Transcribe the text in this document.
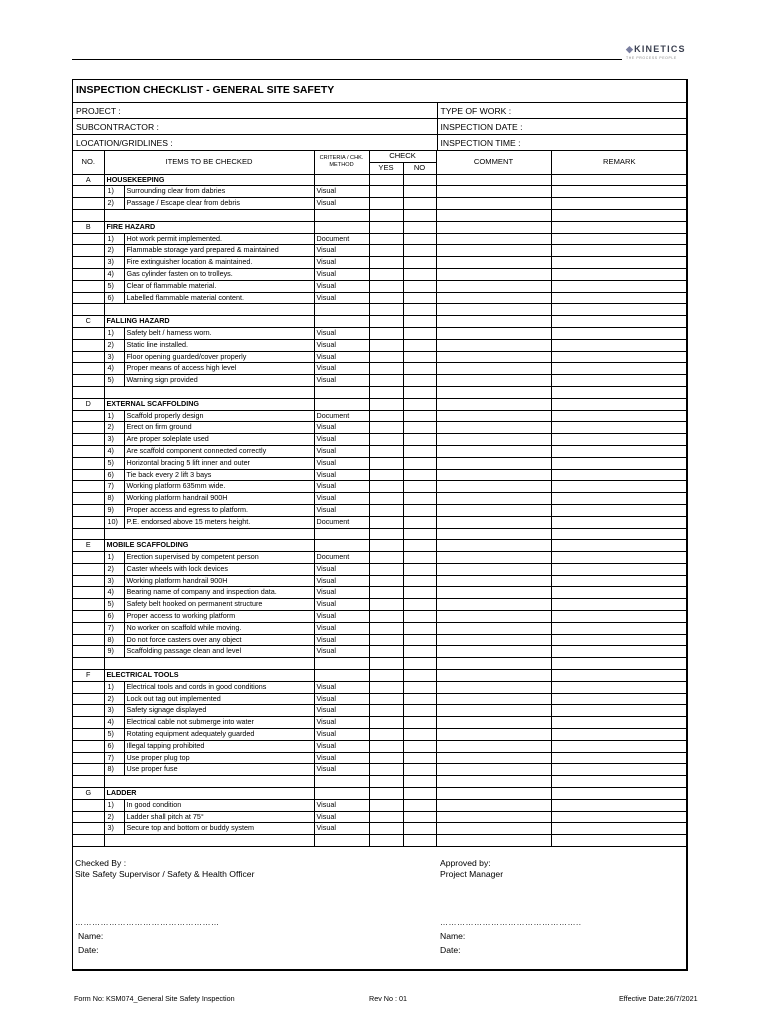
◆KINETICS
THE PROCESS PEOPLE
INSPECTION CHECKLIST - GENERAL SITE SAFETY
PROJECT :	TYPE OF WORK :
SUBCONTRACTOR :	INSPECTION DATE :
LOCATION/GRIDLINES :	INSPECTION TIME :
NO.	ITEMS TO BE CHECKED		CRITERIA / CHK. METHOD	CHECK		COMMENT	REMARK
				YES	NO		
A	HOUSEKEEPING						
	1)	Surrounding clear from dabries	Visual				
	2)	Passage / Escape clear from debris	Visual				

B	FIRE HAZARD						
	1)	Hot work permit implemented.	Document				
	2)	Flammable storage yard prepared & maintained	Visual				
	3)	Fire extinguisher location & maintained.	Visual				
	4)	Gas cylinder fasten on to trolleys.	Visual				
	5)	Clear of flammable material.	Visual				
	6)	Labelled flammable material content.	Visual				

C	FALLING HAZARD						
	1)	Safety belt / harness worn.	Visual				
	2)	Static line installed.	Visual				
	3)	Floor opening guarded/cover properly	Visual				
	4)	Proper means of access high level	Visual				
	5)	Warning sign provided	Visual				

D	EXTERNAL SCAFFOLDING						
	1)	Scaffold properly design	Document				
	2)	Erect on firm ground	Visual				
	3)	Are proper soleplate used	Visual				
	4)	Are scaffold component connected correctly	Visual				
	5)	Horizontal bracing 5 lift inner and outer	Visual				
	6)	Tie back every 2 lift 3 bays	Visual				
	7)	Working platform 635mm wide.	Visual				
	8)	Working platform handrail 900H	Visual				
	9)	Proper access and egress to platform.	Visual				
	10)	P.E. endorsed above 15 meters height.	Document				

E	MOBILE SCAFFOLDING						
	1)	Erection supervised by competent person	Document				
	2)	Caster wheels with lock devices	Visual				
	3)	Working platform handrail 900H	Visual				
	4)	Bearing name of company and inspection data.	Visual				
	5)	Safety belt hooked on permanent structure	Visual				
	6)	Proper access to working platform	Visual				
	7)	No worker on scaffold while moving.	Visual				
	8)	Do not force casters over any object	Visual				
	9)	Scaffolding passage clean and level	Visual				

F	ELECTRICAL TOOLS						
	1)	Electrical tools and cords in good conditions	Visual				
	2)	Lock out tag out implemented	Visual				
	3)	Safety signage displayed	Visual				
	4)	Electrical cable not submerge into water	Visual				
	5)	Rotating equipment adequately guarded	Visual				
	6)	Illegal tapping prohibited	Visual				
	7)	Use proper plug top	Visual				
	8)	Use proper fuse	Visual				

G	LADDER						
	1)	In good condition	Visual				
	2)	Ladder shall pitch at 75°	Visual				
	3)	Secure top and bottom or buddy system	Visual				

Checked By :
Site Safety Supervisor / Safety & Health Officer
Approved by:
Project Manager
……………………………………………	…………………………………………..
Name:
Date:
Name:
Date:
Form No: KSM074_General Site Safety Inspection	Rev No : 01	Effective Date:26/7/2021
